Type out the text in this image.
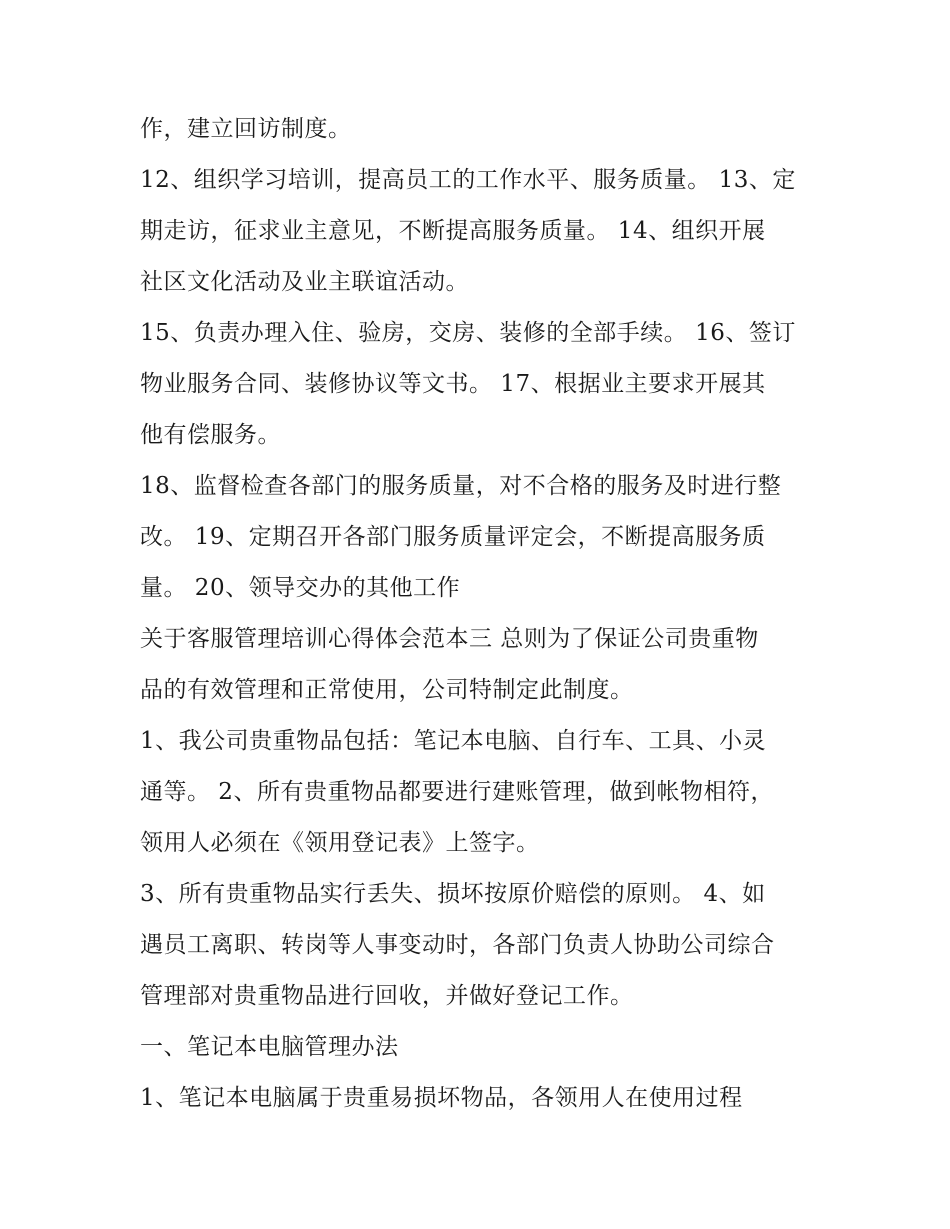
作，建立回访制度。
12、组织学习培训，提高员工的工作水平、服务质量。 13、定
期走访，征求业主意见，不断提高服务质量。 14、组织开展
社区文化活动及业主联谊活动。
15、负责办理入住、验房，交房、装修的全部手续。 16、签订
物业服务合同、装修协议等文书。 17、根据业主要求开展其
他有偿服务。
18、监督检查各部门的服务质量，对不合格的服务及时进行整
改。 19、定期召开各部门服务质量评定会，不断提高服务质
量。 20、领导交办的其他工作
关于客服管理培训心得体会范本三 总则为了保证公司贵重物
品的有效管理和正常使用，公司特制定此制度。
1、我公司贵重物品包括：笔记本电脑、自行车、工具、小灵
通等。 2、所有贵重物品都要进行建账管理，做到帐物相符，
领用人必须在《领用登记表》上签字。
3、所有贵重物品实行丢失、损坏按原价赔偿的原则。 4、如
遇员工离职、转岗等人事变动时，各部门负责人协助公司综合
管理部对贵重物品进行回收，并做好登记工作。
一、笔记本电脑管理办法
1、笔记本电脑属于贵重易损坏物品，各领用人在使用过程
